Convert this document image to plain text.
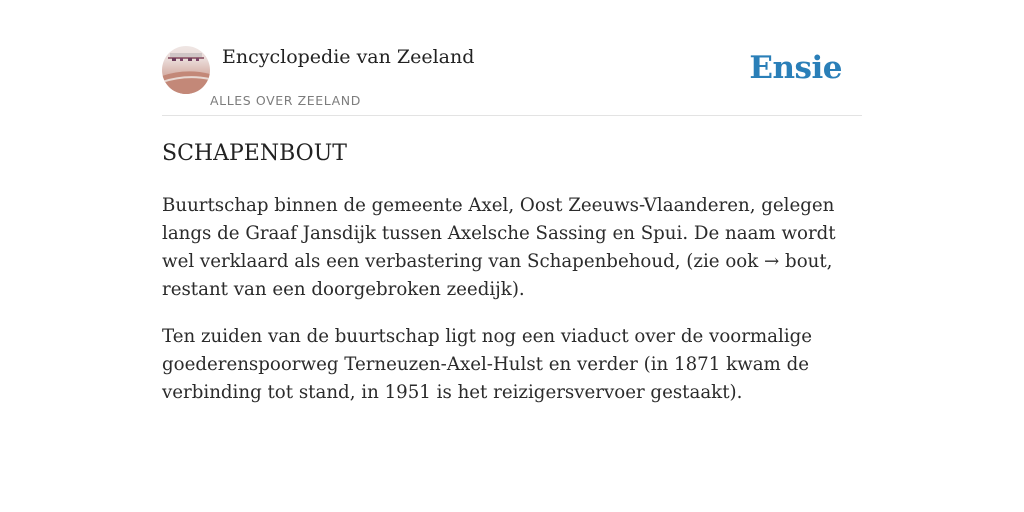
Encyclopedie van Zeeland
ALLES OVER ZEELAND
Ensie
SCHAPENBOUT

Buurtschap binnen de gemeente Axel, Oost Zeeuws-Vlaanderen, gelegen langs de Graaf Jansdijk tussen Axelsche Sassing en Spui. De naam wordt wel verklaard als een verbastering van Schapenbehoud, (zie ook → bout, restant van een doorgebroken zeedijk).

Ten zuiden van de buurtschap ligt nog een viaduct over de voormalige goederenspoorweg Terneuzen-Axel-Hulst en verder (in 1871 kwam de verbinding tot stand, in 1951 is het reizigersvervoer gestaakt).
